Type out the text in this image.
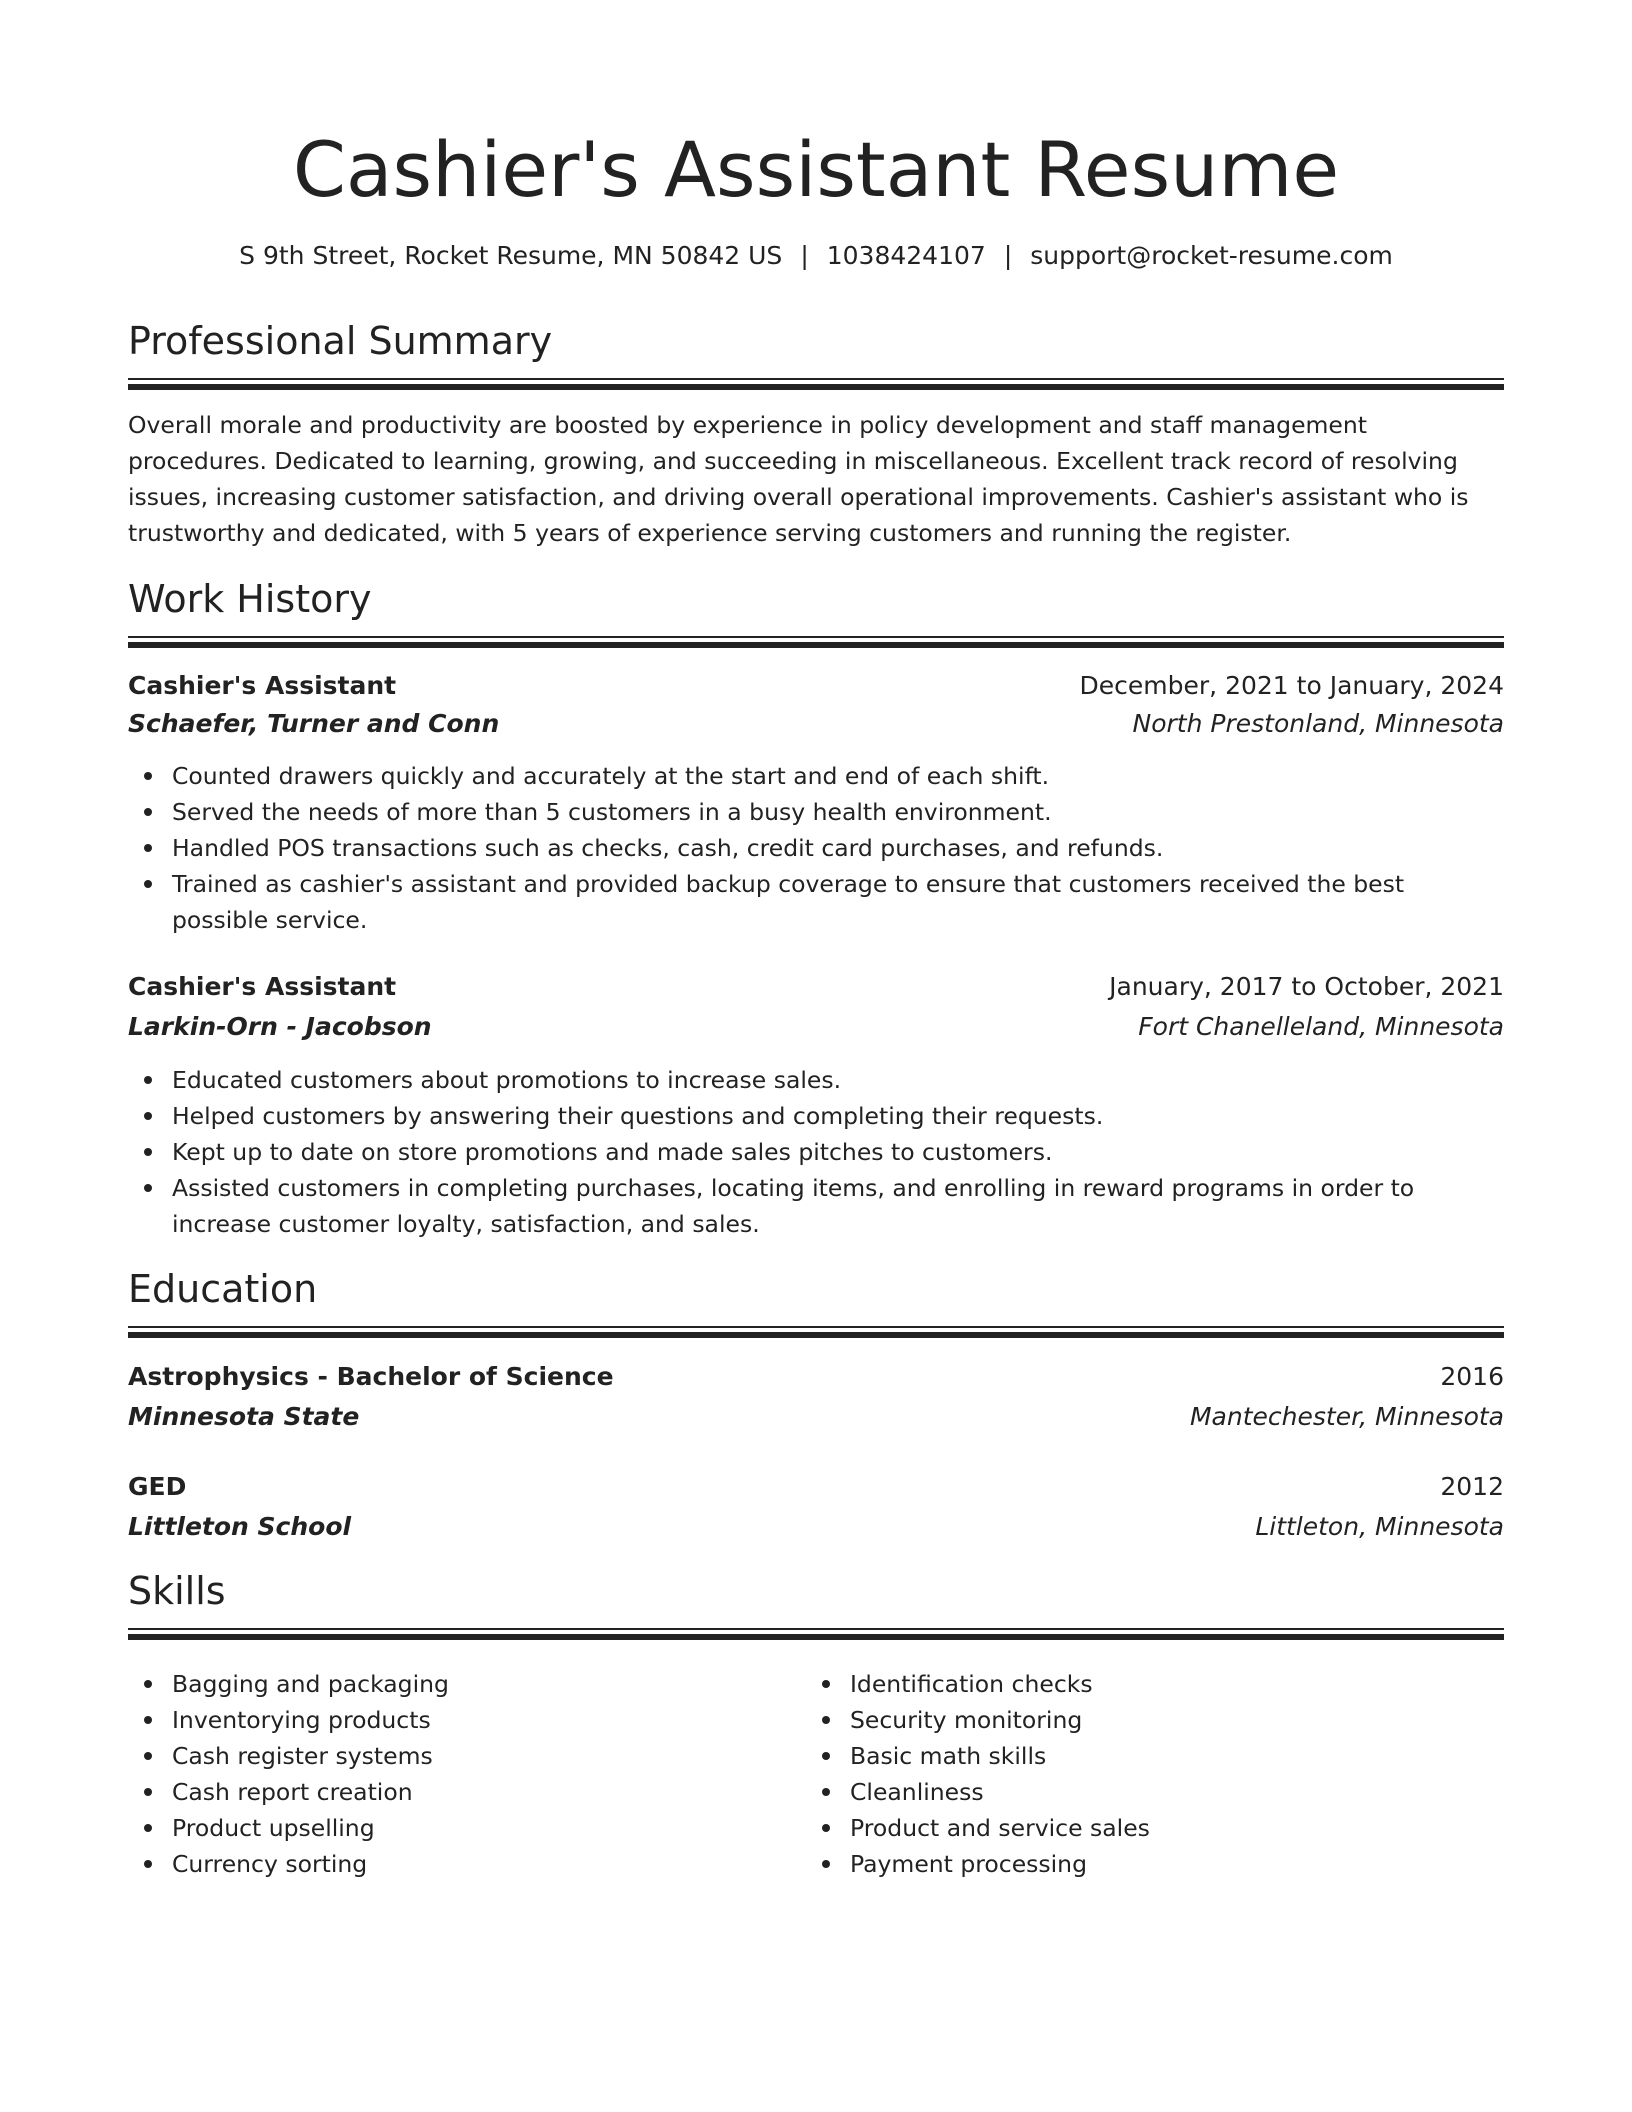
Cashier's Assistant Resume
S 9th Street, Rocket Resume, MN 50842 US | 1038424107 | support@rocket-resume.com
Professional Summary

Overall morale and productivity are boosted by experience in policy development and staff management procedures. Dedicated to learning, growing, and succeeding in miscellaneous. Excellent track record of resolving issues, increasing customer satisfaction, and driving overall operational improvements. Cashier's assistant who is trustworthy and dedicated, with 5 years of experience serving customers and running the register.

Work History
Cashier's Assistant	December, 2021 to January, 2024
Schaefer, Turner and Conn	North Prestonland, Minnesota
Counted drawers quickly and accurately at the start and end of each shift.
Served the needs of more than 5 customers in a busy health environment.
Handled POS transactions such as checks, cash, credit card purchases, and refunds.
Trained as cashier's assistant and provided backup coverage to ensure that customers received the best possible service.
Cashier's Assistant	January, 2017 to October, 2021
Larkin-Orn - Jacobson	Fort Chanelleland, Minnesota
Educated customers about promotions to increase sales.
Helped customers by answering their questions and completing their requests.
Kept up to date on store promotions and made sales pitches to customers.
Assisted customers in completing purchases, locating items, and enrolling in reward programs in order to increase customer loyalty, satisfaction, and sales.
Education
Astrophysics - Bachelor of Science	2016
Minnesota State	Mantechester, Minnesota
GED	2012
Littleton School	Littleton, Minnesota
Skills
Bagging and packaging
Inventorying products
Cash register systems
Cash report creation
Product upselling
Currency sorting
Identification checks
Security monitoring
Basic math skills
Cleanliness
Product and service sales
Payment processing
